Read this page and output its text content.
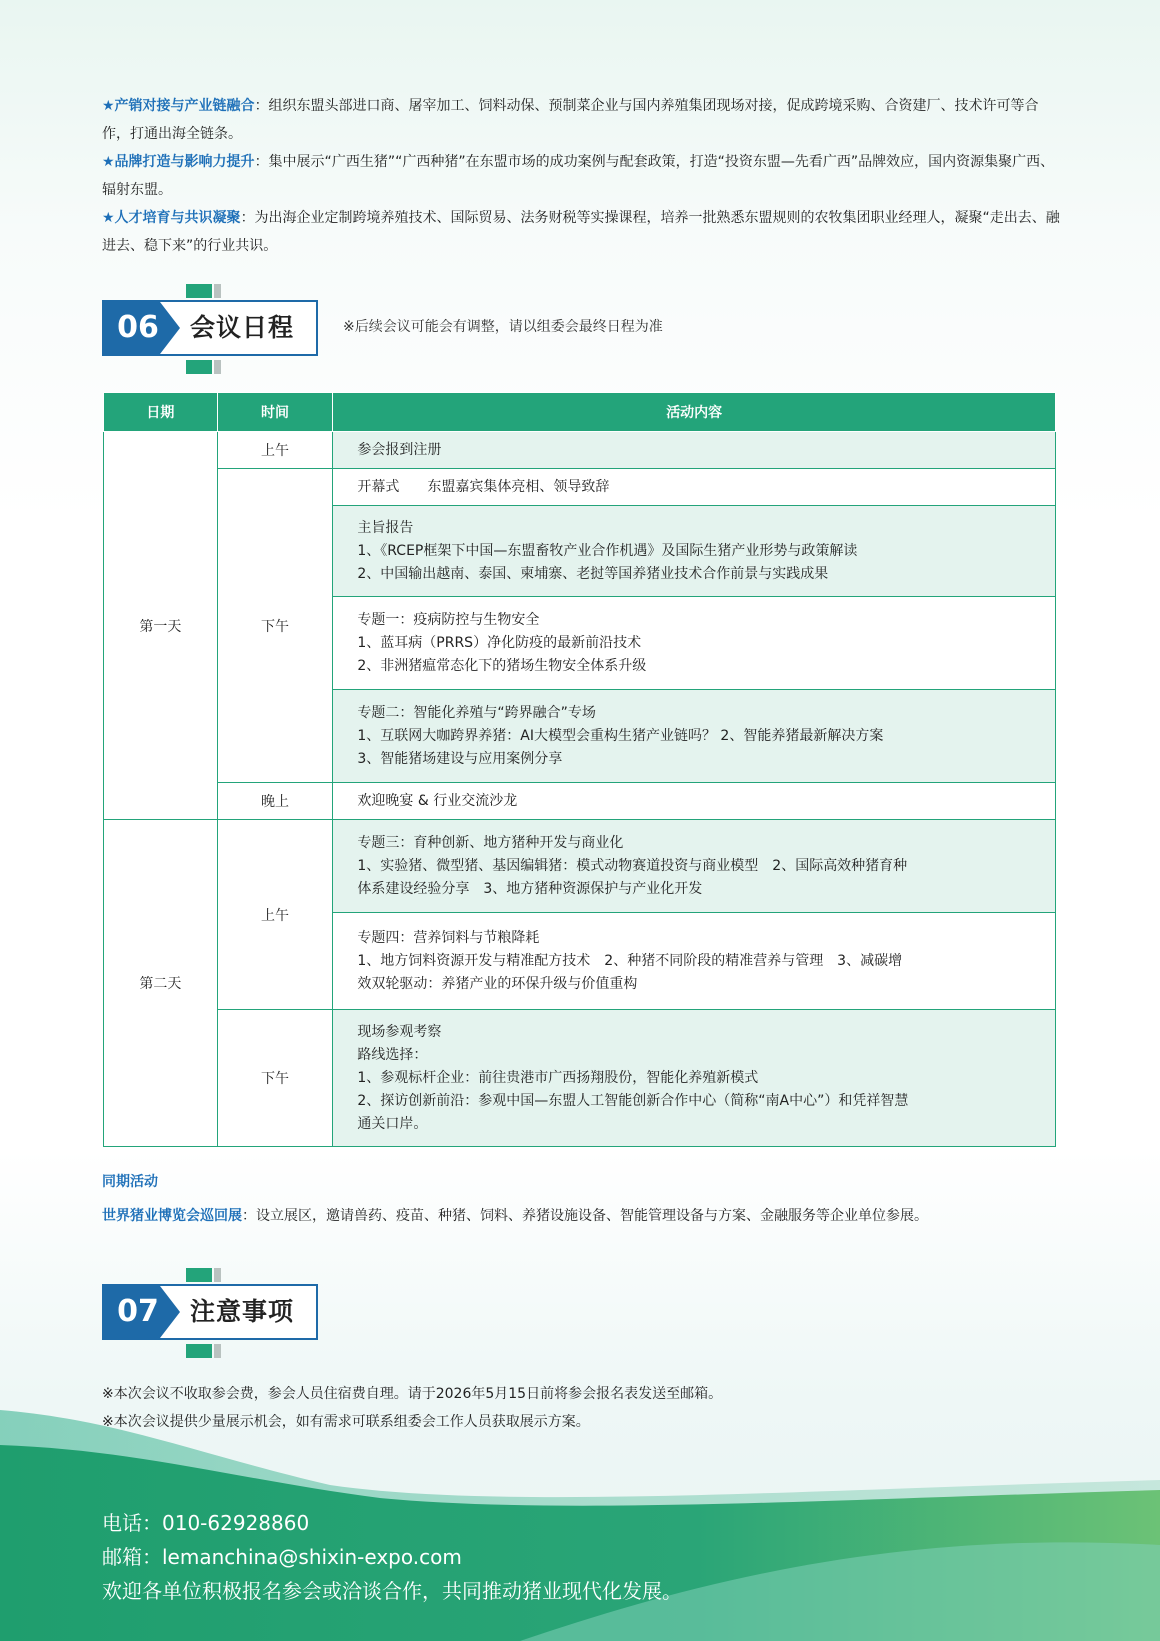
★产销对接与产业链融合：组织东盟头部进口商、屠宰加工、饲料动保、预制菜企业与国内养殖集团现场对接，促成跨境采购、合资建厂、技术许可等合作，打通出海全链条。

★品牌打造与影响力提升：集中展示“广西生猪”“广西种猪”在东盟市场的成功案例与配套政策，打造“投资东盟—先看广西”品牌效应，国内资源集聚广西、辐射东盟。

★人才培育与共识凝聚：为出海企业定制跨境养殖技术、国际贸易、法务财税等实操课程，培养一批熟悉东盟规则的农牧集团职业经理人，凝聚“走出去、融进去、稳下来”的行业共识。

06	会议日程	※后续会议可能会有调整，请以组委会最终日程为准
日期	时间	活动内容
第一天	上午	参会报到注册

	下午	开幕式　　东盟嘉宾集体亮相、领导致辞

		主旨报告
1、《RCEP框架下中国—东盟畜牧产业合作机遇》及国际生猪产业形势与政策解读
2、中国输出越南、泰国、柬埔寨、老挝等国养猪业技术合作前景与实践成果

		专题一：疫病防控与生物安全
1、蓝耳病（PRRS）净化防疫的最新前沿技术
2、非洲猪瘟常态化下的猪场生物安全体系升级

		专题二：智能化养殖与“跨界融合”专场
1、互联网大咖跨界养猪：AI大模型会重构生猪产业链吗？ 2、智能养猪最新解决方案
3、智能猪场建设与应用案例分享

	晚上	欢迎晚宴 & 行业交流沙龙

第二天	上午	专题三：育种创新、地方猪种开发与商业化
1、实验猪、微型猪、基因编辑猪：模式动物赛道投资与商业模型　2、国际高效种猪育种
体系建设经验分享　3、地方猪种资源保护与产业化开发

		专题四：营养饲料与节粮降耗
1、地方饲料资源开发与精准配方技术　2、种猪不同阶段的精准营养与管理　3、减碳增
效双轮驱动：养猪产业的环保升级与价值重构

	下午	现场参观考察
路线选择：
1、参观标杆企业：前往贵港市广西扬翔股份，智能化养殖新模式
2、探访创新前沿：参观中国—东盟人工智能创新合作中心（简称“南A中心”）和凭祥智慧
通关口岸。
同期活动
世界猪业博览会巡回展：设立展区，邀请兽药、疫苗、种猪、饲料、养猪设施设备、智能管理设备与方案、金融服务等企业单位参展。
07	注意事项
※本次会议不收取参会费，参会人员住宿费自理。请于2026年5月15日前将参会报名表发送至邮箱。
※本次会议提供少量展示机会，如有需求可联系组委会工作人员获取展示方案。
电话：010-62928860
邮箱：lemanchina@shixin-expo.com
欢迎各单位积极报名参会或洽谈合作，共同推动猪业现代化发展。
